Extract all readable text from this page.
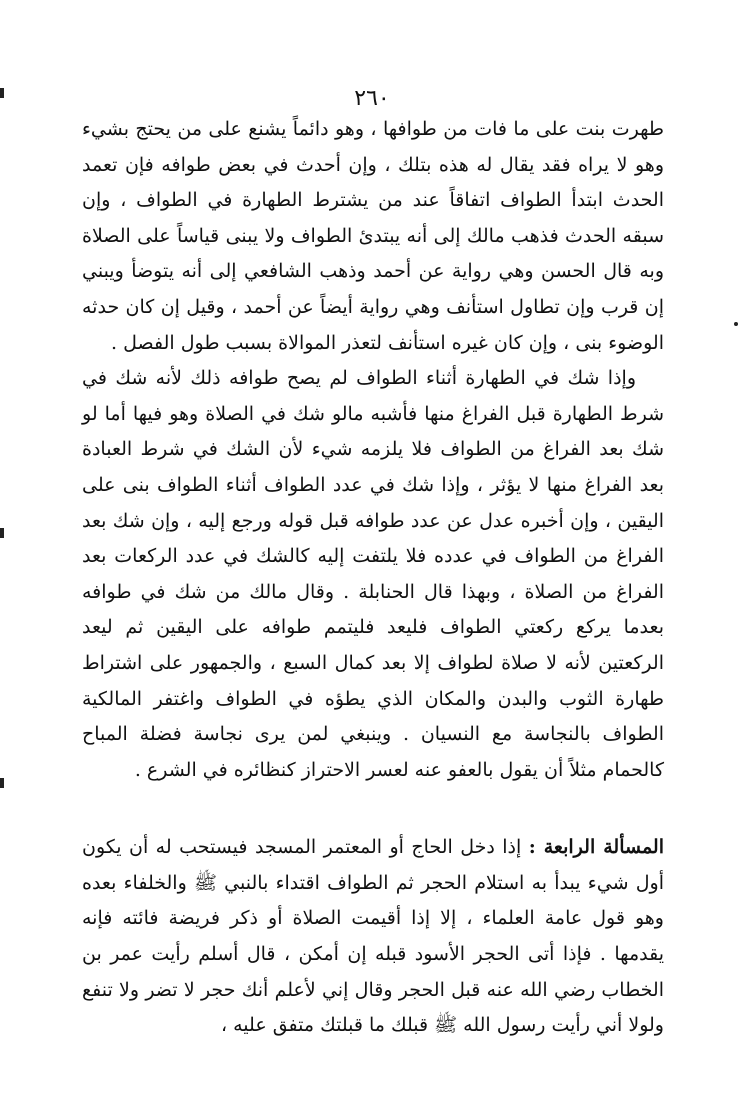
٢٦٠

طهرت بنت على ما فات من طوافها ، وهو دائماً يشنع على من يحتج بشيء وهو لا يراه فقد يقال له هذه بتلك ، وإن أحدث في بعض طوافه فإن تعمد الحدث ابتدأ الطواف اتفاقاً عند من يشترط الطهارة في الطواف ، وإن سبقه الحدث فذهب مالك إلى أنه يبتدئ الطواف ولا يبنى قياساً على الصلاة وبه قال الحسن وهي رواية عن أحمد وذهب الشافعي إلى أنه يتوضأ ويبني إن قرب وإن تطاول استأنف وهي رواية أيضاً عن أحمد ، وقيل إن كان حدثه الوضوء بنى ، وإن كان غيره استأنف لتعذر الموالاة بسبب طول الفصل .

وإذا شك في الطهارة أثناء الطواف لم يصح طوافه ذلك لأنه شك في شرط الطهارة قبل الفراغ منها فأشبه مالو شك في الصلاة وهو فيها أما لو شك بعد الفراغ من الطواف فلا يلزمه شيء لأن الشك في شرط العبادة بعد الفراغ منها لا يؤثر ، وإذا شك في عدد الطواف أثناء الطواف بنى على اليقين ، وإن أخبره عدل عن عدد طوافه قبل قوله ورجع إليه ، وإن شك بعد الفراغ من الطواف في عدده فلا يلتفت إليه كالشك في عدد الركعات بعد الفراغ من الصلاة ، وبهذا قال الحنابلة . وقال مالك من شك في طوافه بعدما يركع ركعتي الطواف فليعد فليتمم طوافه على اليقين ثم ليعد الركعتين لأنه لا صلاة لطواف إلا بعد كمال السبع ، والجمهور على اشتراط طهارة الثوب والبدن والمكان الذي يطؤه في الطواف واغتفر المالكية الطواف بالنجاسة مع النسيان . وينبغي لمن يرى نجاسة فضلة المباح كالحمام مثلاً أن يقول بالعفو عنه لعسر الاحتراز كنظائره في الشرع .

المسألة الرابعة : إذا دخل الحاج أو المعتمر المسجد فيستحب له أن يكون أول شيء يبدأ به استلام الحجر ثم الطواف اقتداء بالنبي ﷺ والخلفاء بعده وهو قول عامة العلماء ، إلا إذا أقيمت الصلاة أو ذكر فريضة فائته فإنه يقدمها . فإذا أتى الحجر الأسود قبله إن أمكن ، قال أسلم رأيت عمر بن الخطاب رضي الله عنه قبل الحجر وقال إني لأعلم أنك حجر لا تضر ولا تنفع ولولا أني رأيت رسول الله ﷺ قبلك ما قبلتك متفق عليه ،
